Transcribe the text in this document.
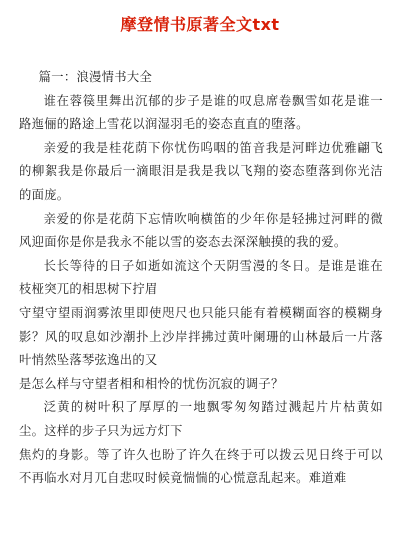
摩登情书原著全文txt

篇一：浪漫情书大全

谁在蓉篌里舞出沉郁的步子是谁的叹息席卷飘雪如花是谁一路迤俪的路途上雪花以润湿羽毛的姿态直直的堕落。

亲爱的我是桂花荫下你忧伤呜咽的笛音我是河畔边优雅翩飞的柳絮我是你最后一滴眼泪是我是我以飞翔的姿态堕落到你光洁的面庞。

亲爱的你是花荫下忘情吹响横笛的少年你是轻拂过河畔的微风迎面你是你是我永不能以雪的姿态去深深触摸的我的爱。

长长等待的日子如逝如流这个天阴雪漫的冬日。是谁是谁在枝桠突兀的相思树下拧眉

守望守望雨润雾浓里即使咫尺也只能只能有着模糊面容的模糊身影？风的叹息如沙潮扑上沙岸拌拂过黄叶阑珊的山林最后一片落叶悄然坠落琴弦逸出的又

是怎么样与守望者相和相怜的忧伤沉寂的调子？

泛黄的树叶积了厚厚的一地飘零匆匆踏过溅起片片枯黄如尘。这样的步子只为远方灯下

焦灼的身影。等了许久也盼了许久在终于可以拨云见日终于可以不再临水对月兀自悲叹时候竟惴惴的心慌意乱起来。难道难
